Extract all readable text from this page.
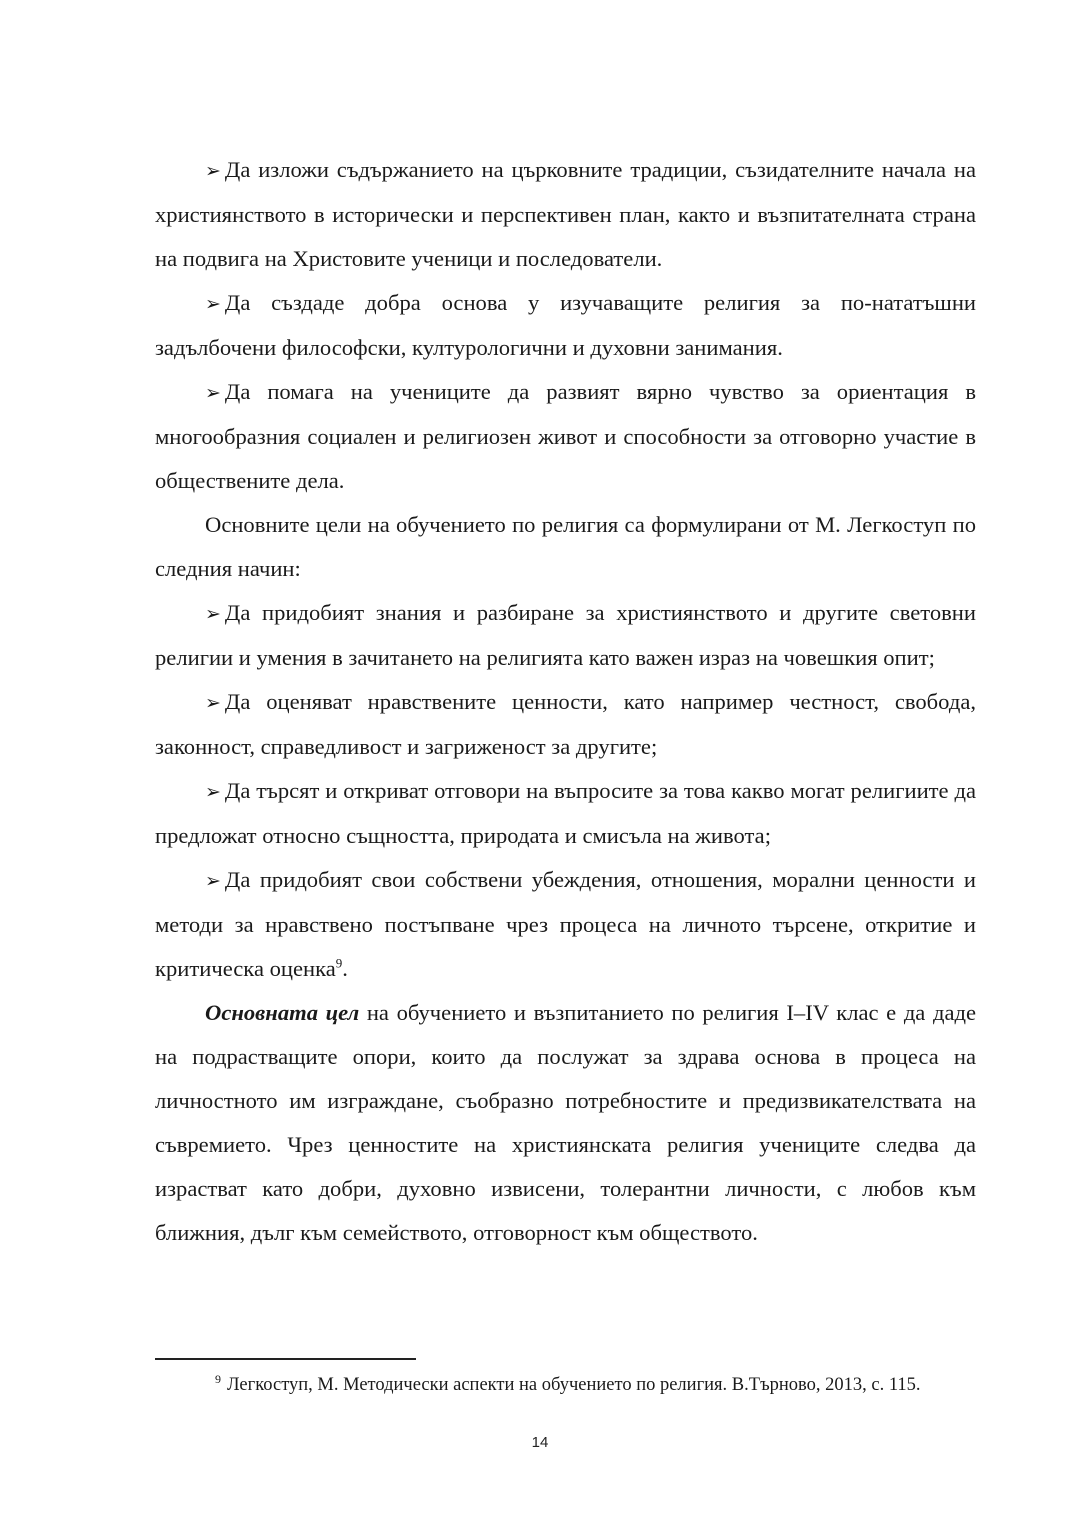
➢ Да изложи съдържанието на църковните традиции, съзидателните начала на християнството в исторически и перспективен план, както и възпитателната страна на подвига на Христовите ученици и последователи.

➢ Да създаде добра основа у изучаващите религия за по-нататъшни задълбочени философски, културологични и духовни занимания.

➢ Да помага на учениците да развият вярно чувство за ориентация в многообразния социален и религиозен живот и способности за отговорно участие в обществените дела.

Основните цели на обучението по религия са формулирани от М. Легкоступ по следния начин:

➢ Да придобият знания и разбиране за християнството и другите световни религии и умения в зачитането на религията като важен израз на човешкия опит;

➢ Да оценяват нравствените ценности, като например честност, свобода, законност, справедливост и загриженост за другите;

➢ Да търсят и откриват отговори на въпросите за това какво могат религиите да предложат относно същността, природата и смисъла на живота;

➢ Да придобият свои собствени убеждения, отношения, морални ценности и методи за нравствено постъпване чрез процеса на личното търсене, откритие и критическа оценка$^9$.

Основната цел на обучението и възпитанието по религия I–IV клас е да даде на подрастващите опори, които да послужат за здрава основа в процеса на личностното им изграждане, съобразно потребностите и предизвикателствата на съвремието. Чрез ценностите на християнската религия учениците следва да израстват като добри, духовно извисени, толерантни личности, с любов към ближния, дълг към семейството, отговорност към обществото.

$^9$ Легкоступ, М. Методически аспекти на обучението по религия. В.Търново, 2013, с. 115.

14
